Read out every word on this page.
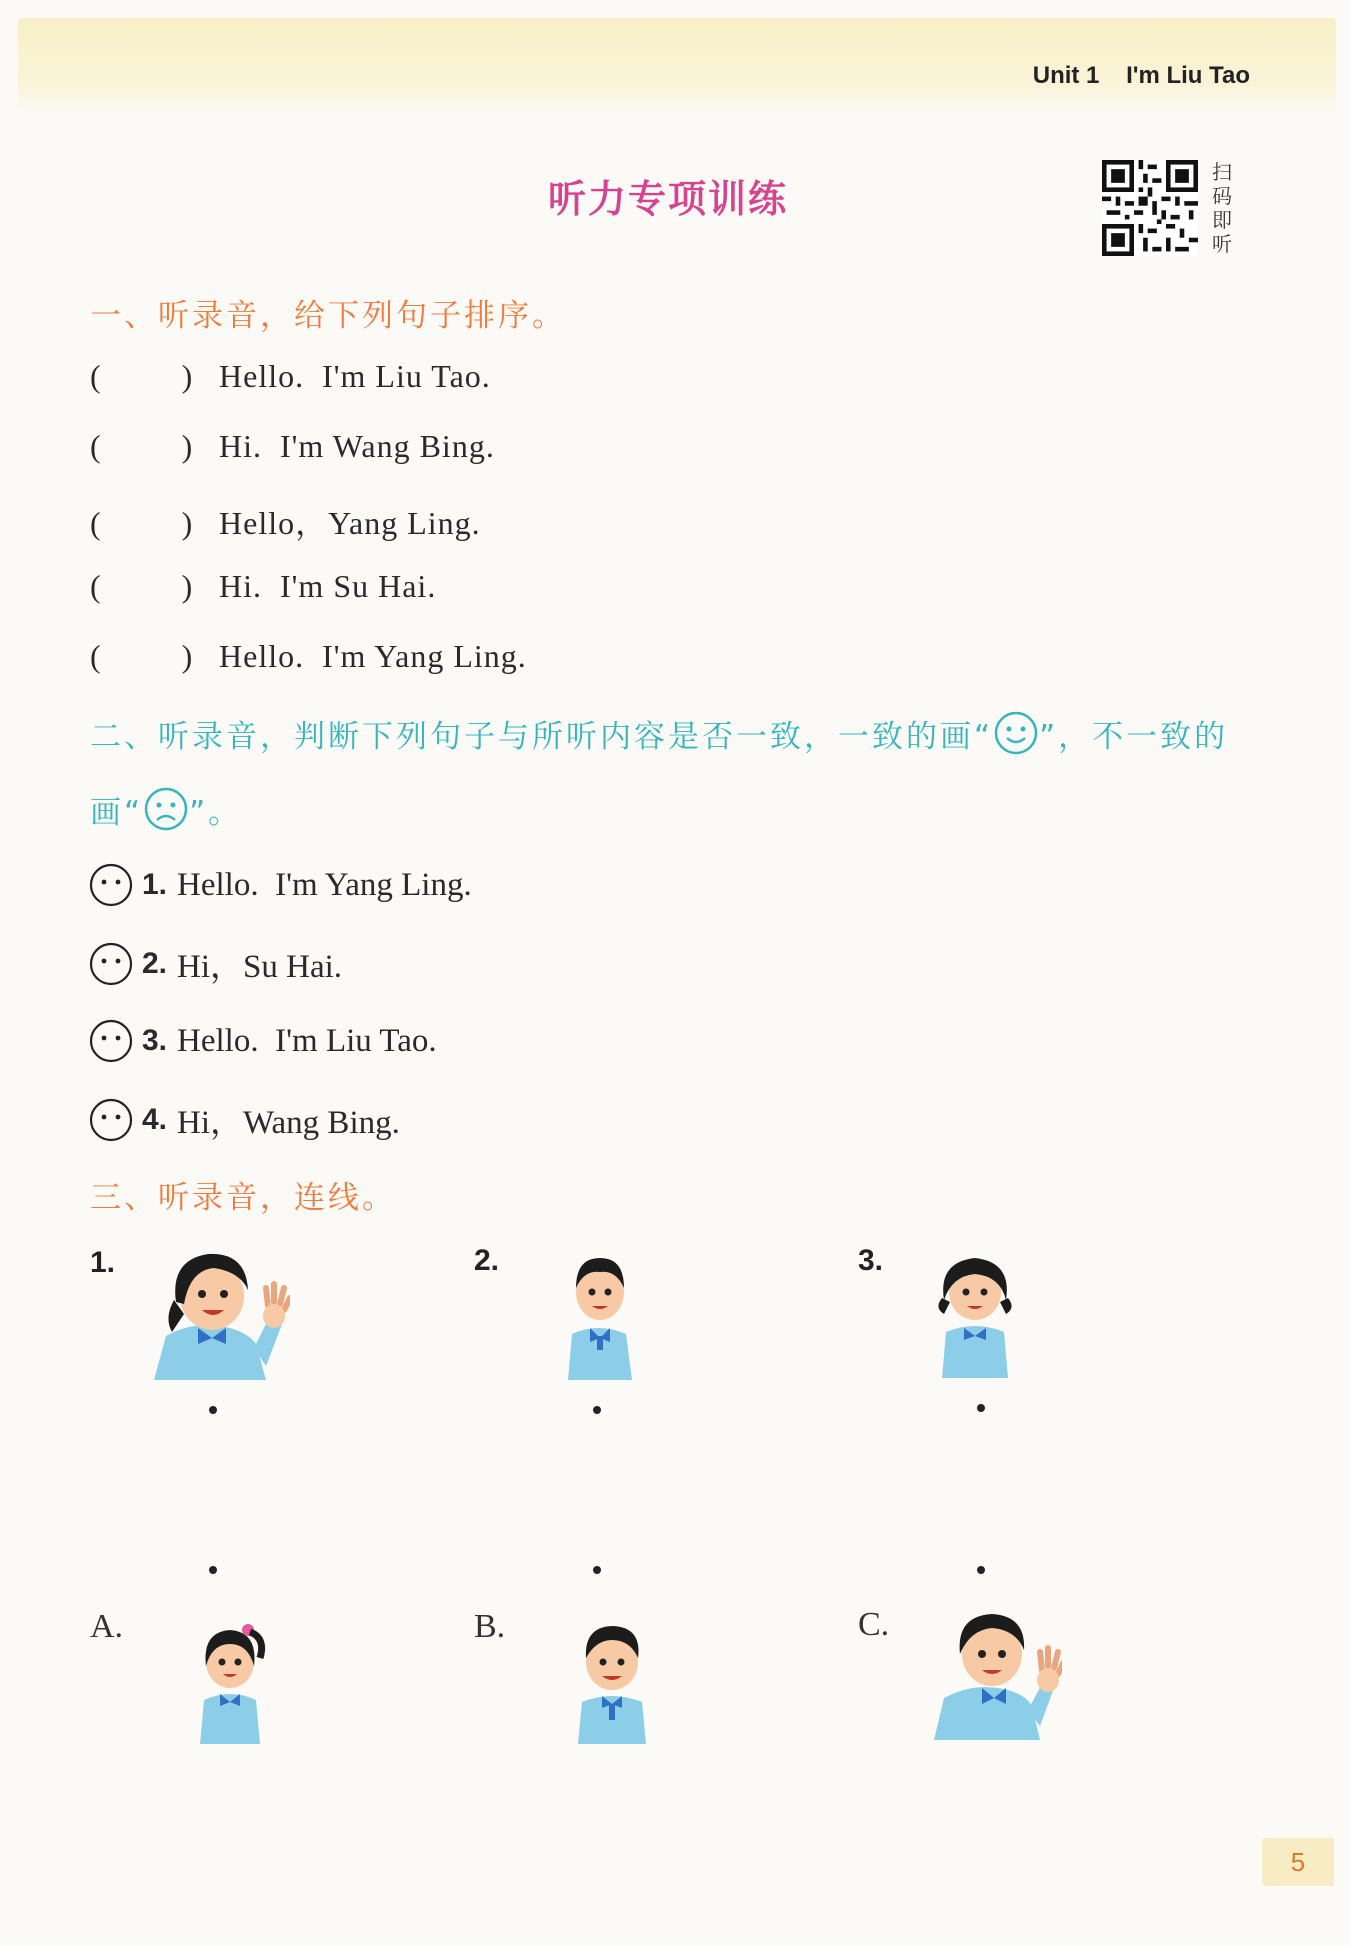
Unit 1    I'm Liu Tao
听力专项训练
扫码即听
一、听录音，给下列句子排序。
(	) Hello.  I'm Liu Tao.
(	) Hi.  I'm Wang Bing.
(	) Hello，Yang Ling.
(	) Hi.  I'm Su Hai.
(	) Hello.  I'm Yang Ling.
二、听录音，判断下列句子与所听内容是否一致，一致的画“ ”，不一致的
画“ ”。
1. Hello.  I'm Yang Ling.
2. Hi，Su Hai.
3. Hello.  I'm Liu Tao.
4. Hi，Wang Bing.
三、听录音，连线。
1.	2.	3.
A.	B.	C.
5
